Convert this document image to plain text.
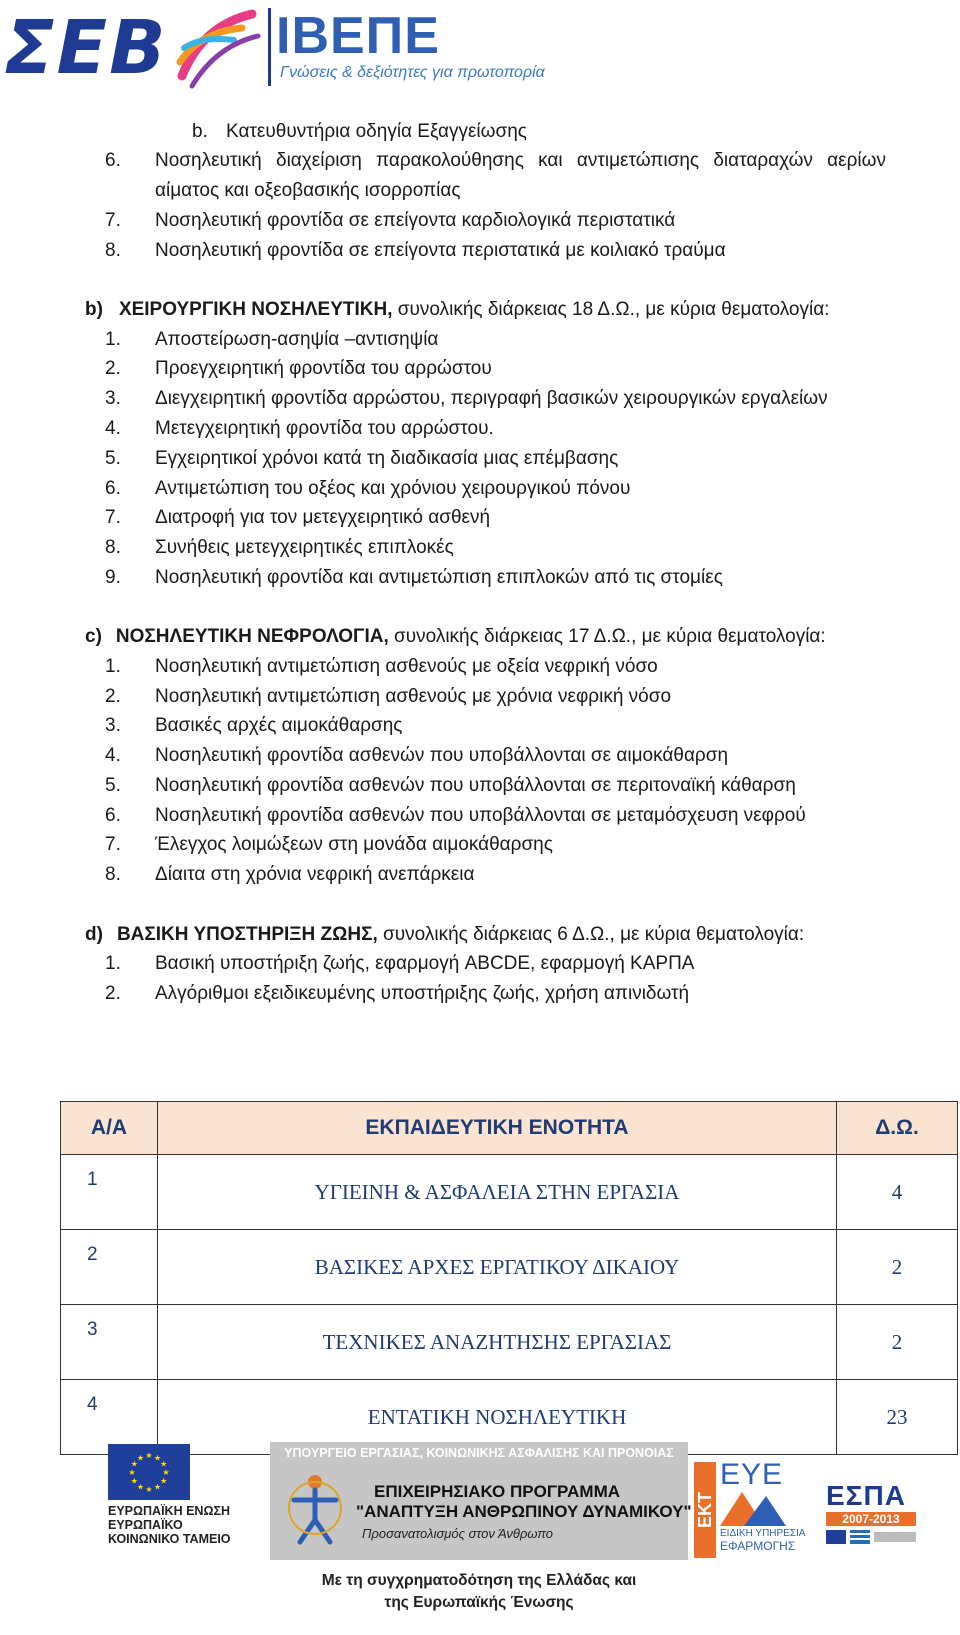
ΣΕΒ ΙΒΕΠΕ
Γνώσεις & δεξιότητες για πρωτοπορία
b. Κατευθυντήρια οδηγία Εξαγγείωσης
6. Νοσηλευτική διαχείριση παρακολούθησης και αντιμετώπισης διαταραχών αερίων
αίματος και οξεοβασικής ισορροπίας
7. Νοσηλευτική φροντίδα σε επείγοντα καρδιολογικά περιστατικά
8. Νοσηλευτική φροντίδα σε επείγοντα περιστατικά με κοιλιακό τραύμα
b) ΧΕΙΡΟΥΡΓΙΚΗ ΝΟΣΗΛΕΥΤΙΚΗ, συνολικής διάρκειας 18 Δ.Ω., με κύρια θεματολογία:
1. Αποστείρωση-ασηψία –αντισηψία
2. Προεγχειρητική φροντίδα του αρρώστου
3. Διεγχειρητική φροντίδα αρρώστου, περιγραφή βασικών χειρουργικών εργαλείων
4. Μετεγχειρητική φροντίδα του αρρώστου.
5. Εγχειρητικοί χρόνοι κατά τη διαδικασία μιας επέμβασης
6. Αντιμετώπιση του οξέος και χρόνιου χειρουργικού πόνου
7. Διατροφή για τον μετεγχειρητικό ασθενή
8. Συνήθεις μετεγχειρητικές επιπλοκές
9. Νοσηλευτική φροντίδα και αντιμετώπιση επιπλοκών από τις στομίες
c) ΝΟΣΗΛΕΥΤΙΚΗ ΝΕΦΡΟΛΟΓΙΑ, συνολικής διάρκειας 17 Δ.Ω., με κύρια θεματολογία:
1. Νοσηλευτική αντιμετώπιση ασθενούς με οξεία νεφρική νόσο
2. Νοσηλευτική αντιμετώπιση ασθενούς με χρόνια νεφρική νόσο
3. Βασικές αρχές αιμοκάθαρσης
4. Νοσηλευτική φροντίδα ασθενών που υποβάλλονται σε αιμοκάθαρση
5. Νοσηλευτική φροντίδα ασθενών που υποβάλλονται σε περιτοναϊκή κάθαρση
6. Νοσηλευτική φροντίδα ασθενών που υποβάλλονται σε μεταμόσχευση νεφρού
7. Έλεγχος λοιμώξεων στη μονάδα αιμοκάθαρσης
8. Δίαιτα στη χρόνια νεφρική ανεπάρκεια
d) ΒΑΣΙΚΗ ΥΠΟΣΤΗΡΙΞΗ ΖΩΗΣ, συνολικής διάρκειας 6 Δ.Ω., με κύρια θεματολογία:
1. Βασική υποστήριξη ζωής, εφαρμογή ABCDE, εφαρμογή ΚΑΡΠΑ
2. Αλγόριθμοι εξειδικευμένης υποστήριξης ζωής, χρήση απινιδωτή
Α/Α	ΕΚΠΑΙΔΕΥΤΙΚΗ ΕΝΟΤΗΤΑ	Δ.Ω.
1	ΥΓΙΕΙΝΗ & ΑΣΦΑΛΕΙΑ ΣΤΗΝ ΕΡΓΑΣΙΑ	4
2	ΒΑΣΙΚΕΣ ΑΡΧΕΣ ΕΡΓΑΤΙΚΟΥ ΔΙΚΑΙΟΥ	2
3	ΤΕΧΝΙΚΕΣ ΑΝΑΖΗΤΗΣΗΣ ΕΡΓΑΣΙΑΣ	2
4	ΕΝΤΑΤΙΚΗ ΝΟΣΗΛΕΥΤΙΚΗ	23
★ ★
★
★
★
★
★
★
★
★
★
★
ΕΥΡΩΠΑΪΚΗ ΕΝΩΣΗ
ΕΥΡΩΠΑΪΚΟ
ΚΟΙΝΩΝΙΚΟ ΤΑΜΕΙΟ
ΥΠΟΥΡΓΕΙΟ ΕΡΓΑΣΙΑΣ, ΚΟΙΝΩΝΙΚΗΣ ΑΣΦΑΛΙΣΗΣ ΚΑΙ ΠΡΟΝΟΙΑΣ
ΕΠΙΧΕΙΡΗΣΙΑΚΟ ΠΡΟΓΡΑΜΜΑ
"ΑΝΑΠΤΥΞΗ ΑΝΘΡΩΠΙΝΟΥ ΔΥΝΑΜΙΚΟΥ"
Προσανατολισμός στον Άνθρωπο
ΕΚΤ
ΕΥΕ
ΕΙΔΙΚΗ ΥΠΗΡΕΣΙΑ
ΕΦΑΡΜΟΓΗΣ
ΕΣΠΑ
2007-2013
Με τη συγχρηματοδότηση της Ελλάδας και
της Ευρωπαϊκής Ένωσης
